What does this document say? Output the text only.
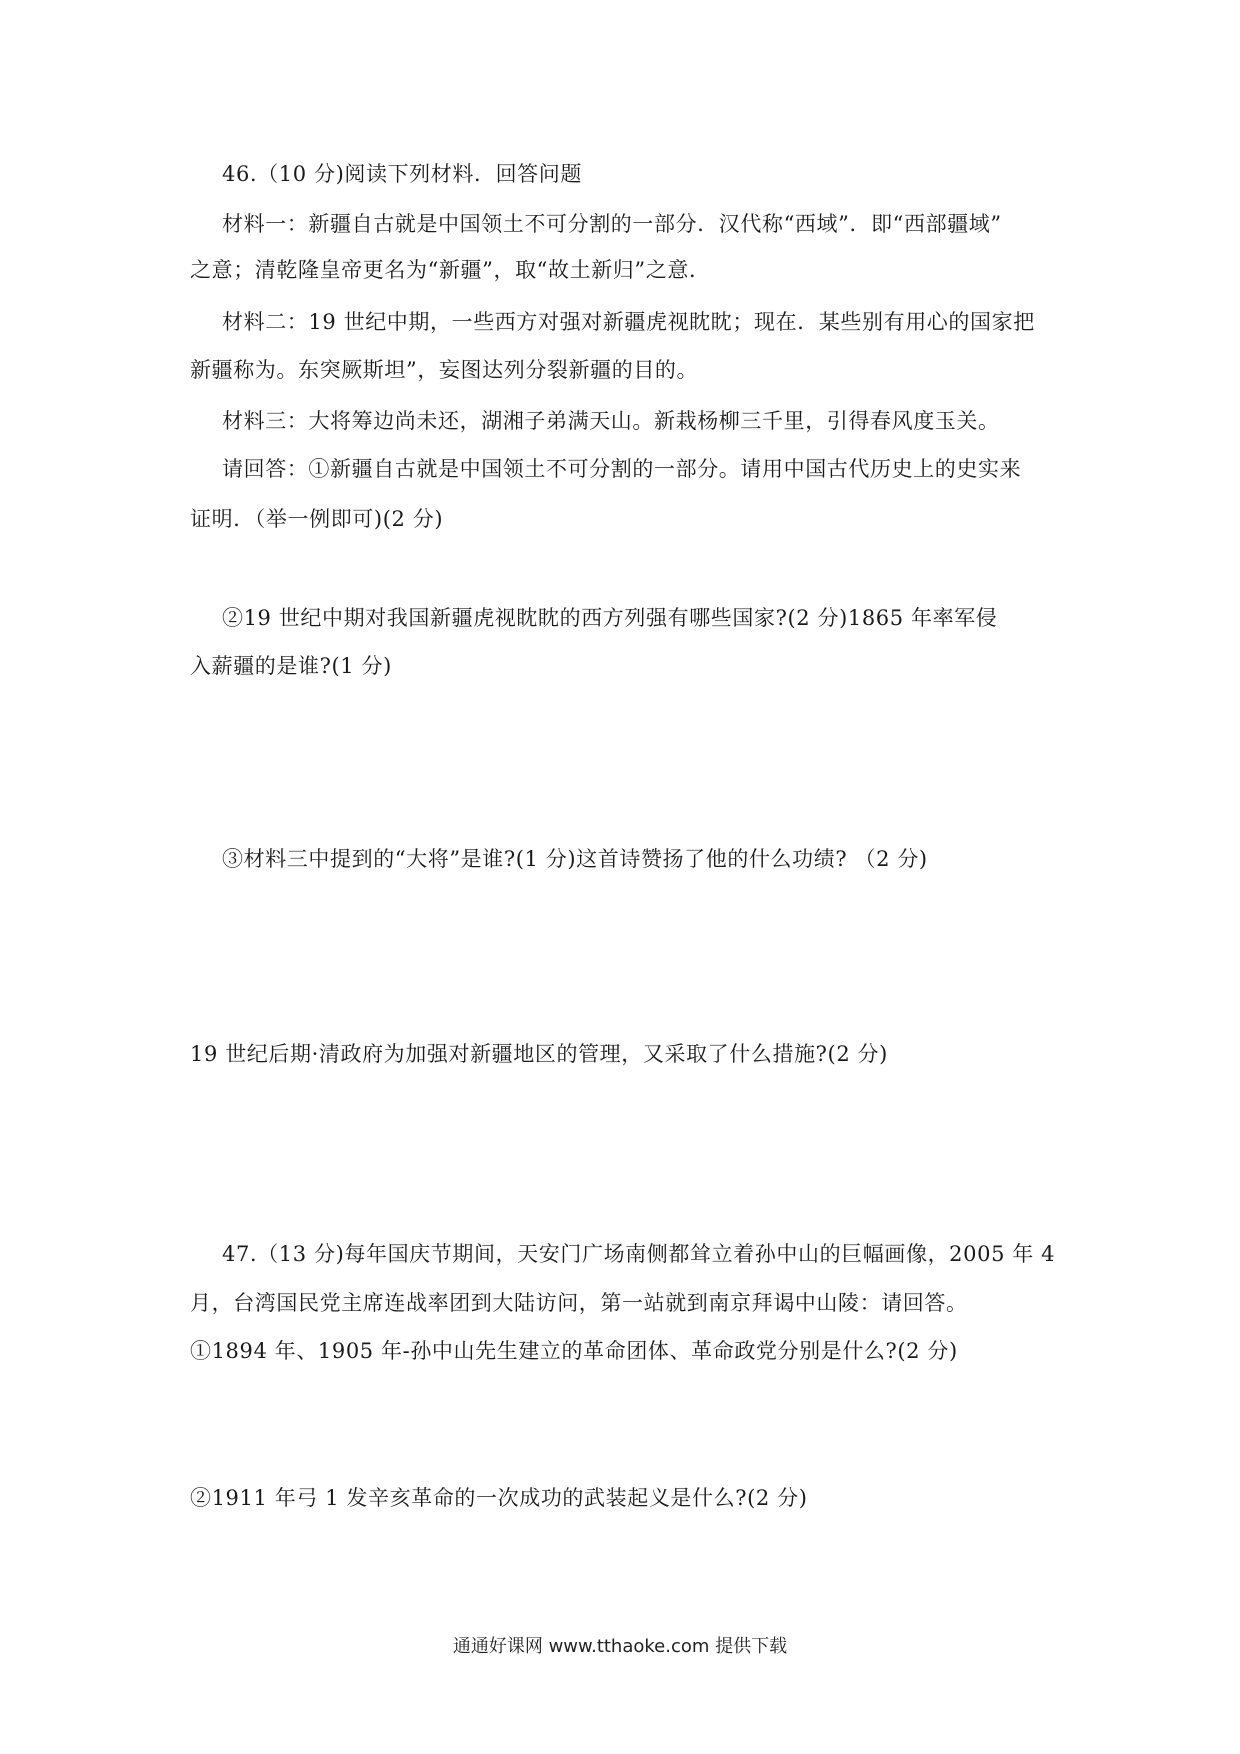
46.（10 分)阅读下列材料．回答问题
材料一：新疆自古就是中国领土不可分割的一部分．汉代称“西域”．即“西部疆域”
之意；清乾隆皇帝更名为“新疆”，取“故土新归”之意．
材料二：19 世纪中期，一些西方对强对新疆虎视眈眈；现在．某些别有用心的国家把
新疆称为。东突厥斯坦”，妄图达列分裂新疆的目的。
材料三：大将筹边尚未还，湖湘子弟满天山。新栽杨柳三千里，引得春风度玉关。
请回答：①新疆自古就是中国领土不可分割的一部分。请用中国古代历史上的史实来
证明．（举一例即可)(2 分)
②19 世纪中期对我国新疆虎视眈眈的西方列强有哪些国家?(2 分)1865 年率军侵
入薪疆的是谁?(1 分)
③材料三中提到的“大将”是谁?(1 分)这首诗赞扬了他的什么功绩? （2 分)
19 世纪后期·清政府为加强对新疆地区的管理，又采取了什么措施?(2 分)
47.（13 分)每年国庆节期间，天安门广场南侧都耸立着孙中山的巨幅画像，2005 年 4
月，台湾国民党主席连战率团到大陆访问，第一站就到南京拜谒中山陵：请回答。
①1894 年、1905 年-孙中山先生建立的革命团体、革命政党分别是什么?(2 分)
②1911 年弓 1 发辛亥革命的一次成功的武装起义是什么?(2 分)
通通好课网 www.tthaoke.com 提供下载
